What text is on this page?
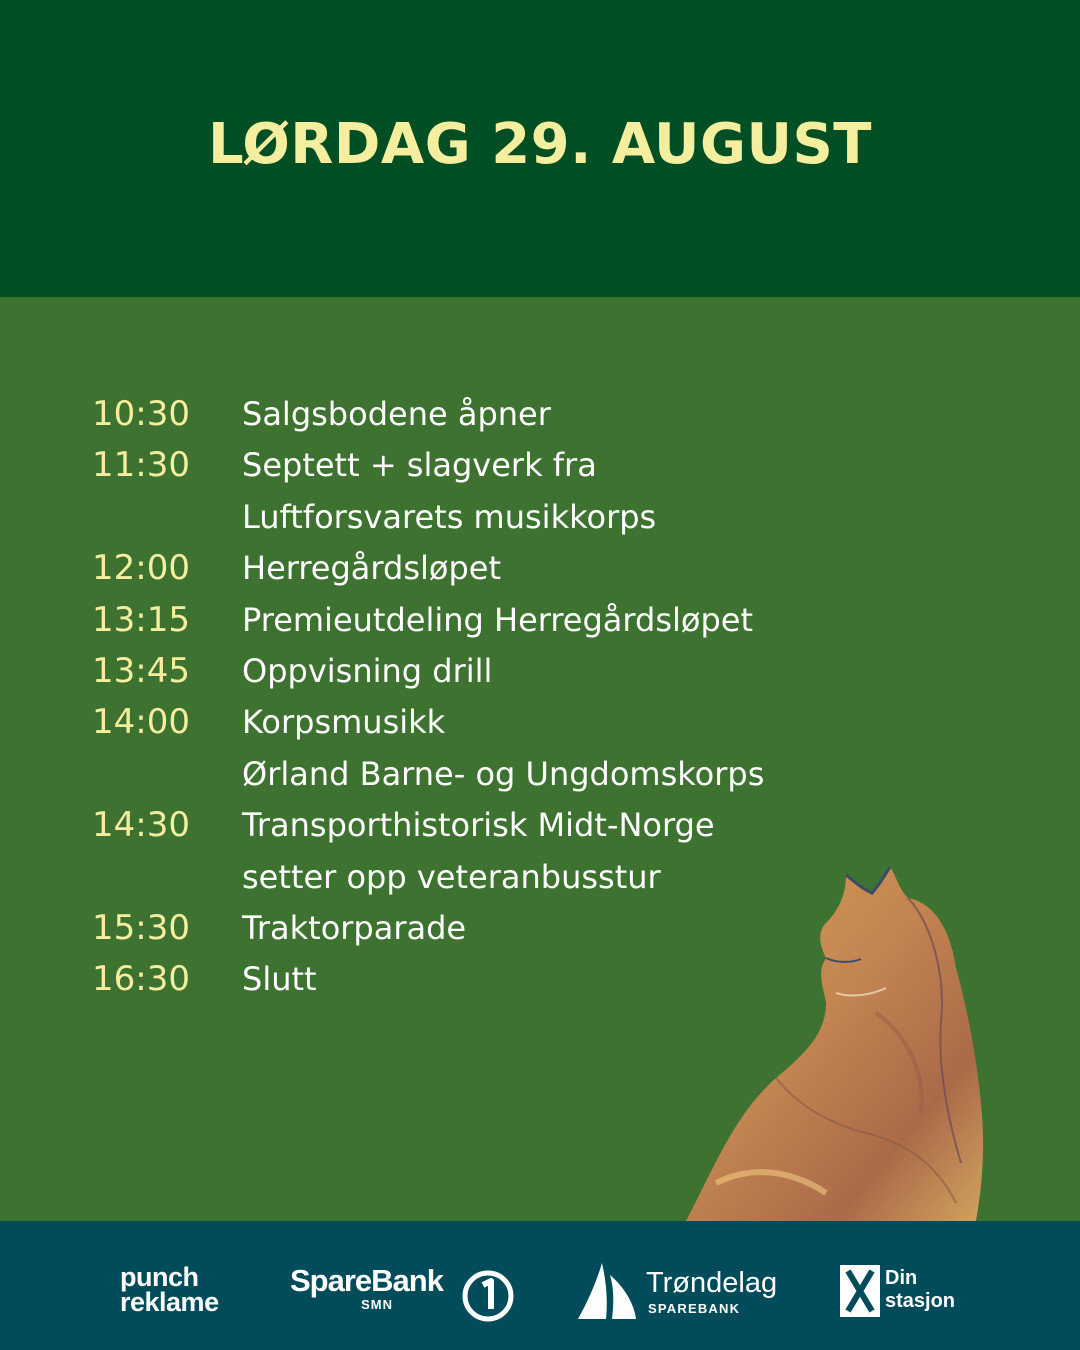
LØRDAG 29. AUGUST
10:30	Salgsbodene åpner
11:30	Septett + slagverk fra
Luftforsvarets musikkorps
12:00	Herregårdsløpet
13:15	Premieutdeling Herregårdsløpet
13:45	Oppvisning drill
14:00	Korpsmusikk
Ørland Barne- og Ungdomskorps
14:30	Transporthistorisk Midt-Norge
setter opp veteranbusstur
15:30	Traktorparade
16:30	Slutt
punch
reklame
SpareBank
SMN
Trøndelag
SPAREBANK
Din
stasjon
